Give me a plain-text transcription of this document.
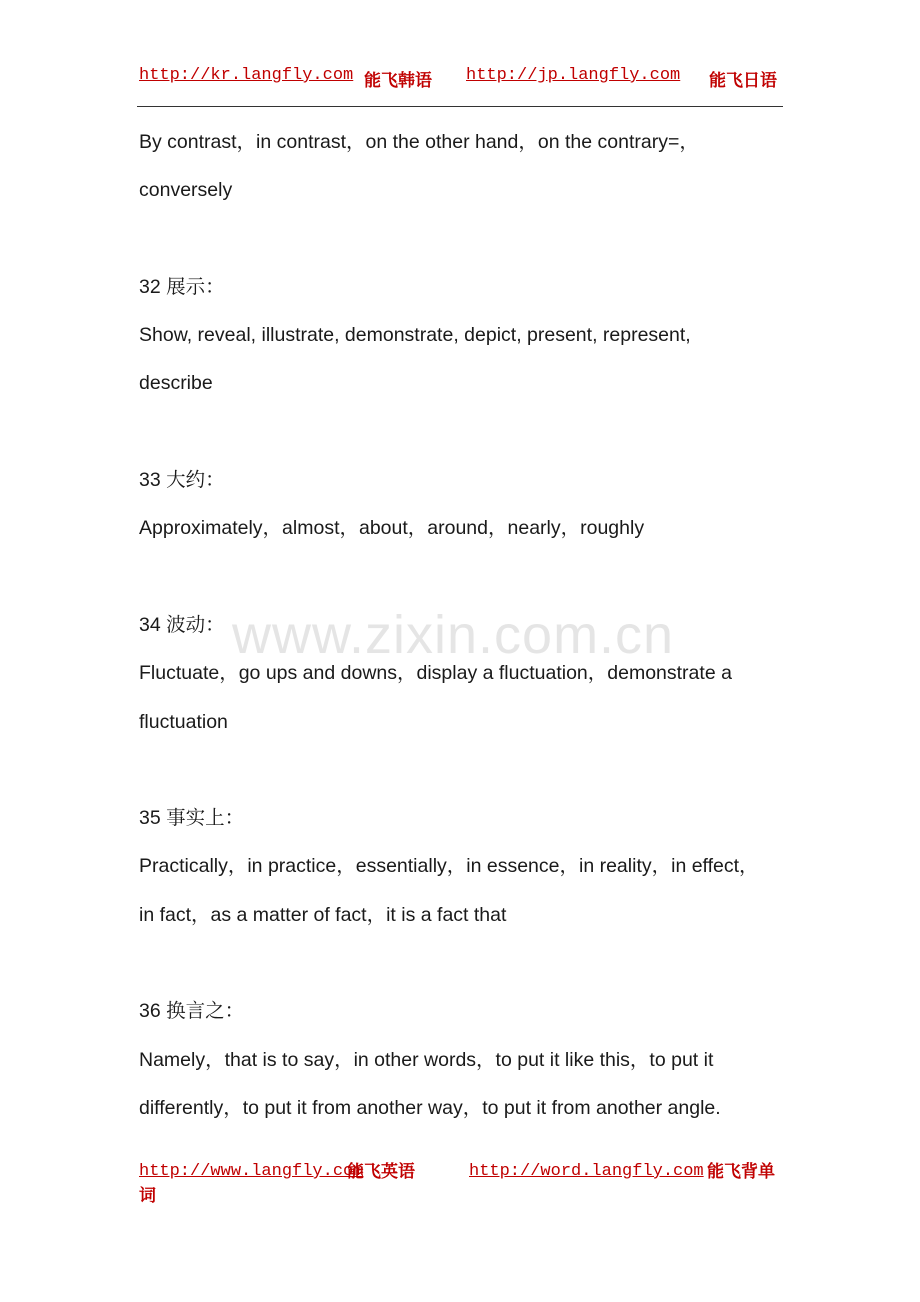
http://kr.langfly.com 能飞韩语 http://jp.langfly.com 能飞日语

By contrast，in contrast，on the other hand，on the contrary=，

conversely

32 展示：

Show, reveal, illustrate, demonstrate, depict, present, represent,

describe

33 大约：

Approximately，almost，about，around，nearly，roughly

34 波动：

Fluctuate，go ups and downs，display a fluctuation，demonstrate a

fluctuation

35 事实上：

Practically，in practice，essentially，in essence，in reality，in effect，

in fact，as a matter of fact，it is a fact that

36 换言之：

Namely，that is to say，in other words，to put it like this，to put it

differently，to put it from another way，to put it from another angle.

www.zixin.com.cn
http://www.langfly.com
能飞英语	http://word.langfly.com 能飞背单
词
